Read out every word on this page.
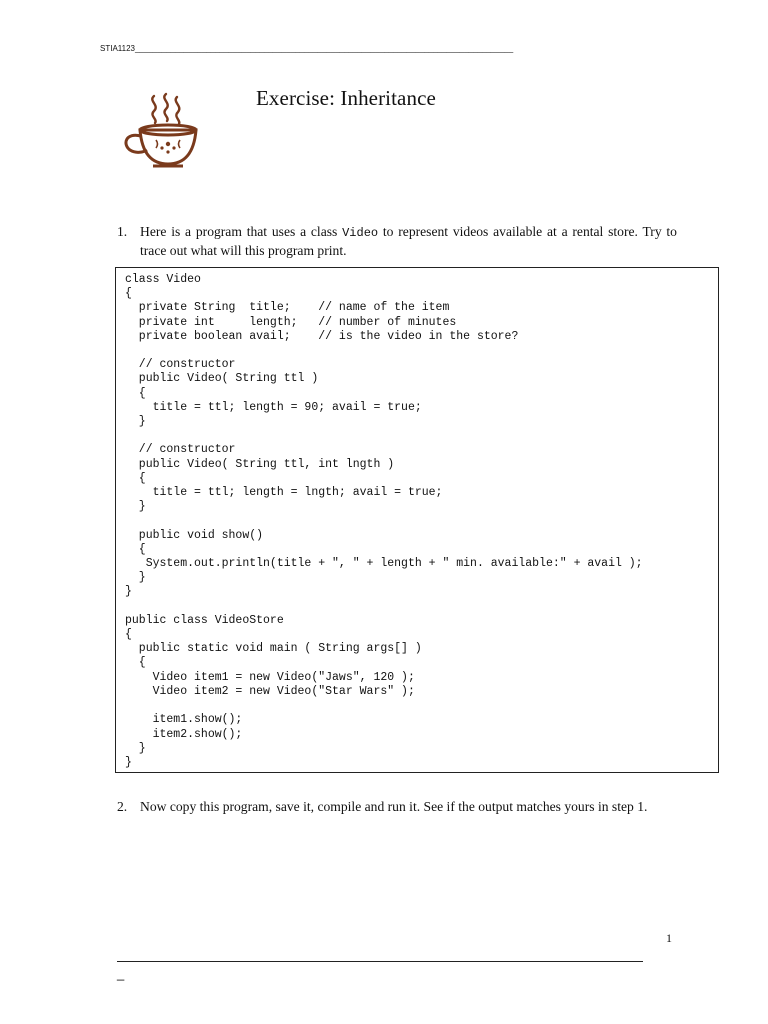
STIA1123_____________________________________________________________________________________
Exercise: Inheritance
1. Here is a program that uses a class Video to represent videos available at a rental store. Try to trace out what will this program print.
class Video
{
private String  title;    // name of the item
private int     length;   // number of minutes
private boolean avail;    // is the video in the store?

// constructor
public Video( String ttl )
{
title = ttl; length = 90; avail = true;
}

// constructor
public Video( String ttl, int lngth )
{
title = ttl; length = lngth; avail = true;
}

public void show()
{
System.out.println(title + ", " + length + " min. available:" + avail );
}
}

public class VideoStore
{
public static void main ( String args[] )
{
Video item1 = new Video("Jaws", 120 );
Video item2 = new Video("Star Wars" );

item1.show();
item2.show();
}
}
2. Now copy this program, save it, compile and run it. See if the output matches yours in step 1.
1
_
